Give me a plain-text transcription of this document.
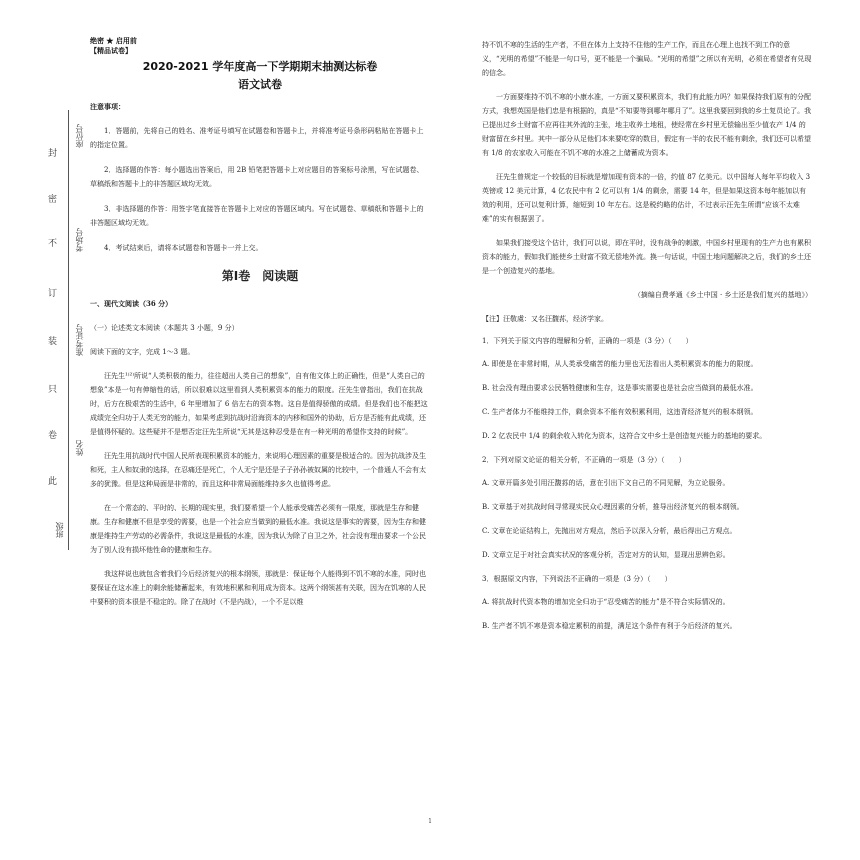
封
座位号
密
不 考场号
订
装 准考证号
只
卷
姓名
此
班级
绝密 ★ 启用前
【精品试卷】
2020-2021 学年度高一下学期期末抽测达标卷
语文试卷
注意事项：

1．答题前，先将自己的姓名、准考证号填写在试题卷和答题卡上，并将准考证号条形码粘贴在答题卡上的指定位置。

2．选择题的作答：每小题选出答案后，用 2B 铅笔把答题卡上对应题目的答案标号涂黑，写在试题卷、草稿纸和答题卡上的非答题区域均无效。

3．非选择题的作答：用签字笔直接答在答题卡上对应的答题区域内。写在试题卷、草稿纸和答题卡上的非答题区域均无效。

4．考试结束后，请将本试题卷和答题卡一并上交。

第Ⅰ卷　阅读题
一、现代文阅读（36 分）
（一）论述类文本阅读（本题共 3 小题，9 分）
阅读下面的文字，完成 1～3 题。

汪先生¹⁾²⁾所说“人类积极的能力，往往超出人类自己的想象”，自有他文体上的正确性，但是“人类自己的想象”本是一句有伸缩性的话，所以很难以这里看到人类积累资本的能力的限度。汪先生曾指出，我们在抗战时，后方在极艰苦的生活中，6 年里增加了 6 倍左右的资本物。这自是值得骄傲的成绩。但是我们也不能把这成绩完全归功于人类无穷的能力，如果考虑到抗战时沿海资本的内移和国外的协助，后方是否能有此成绩，还是值得怀疑的。这些疑并不是想否定汪先生所说“无其是这种忍受是在有一种光明的希望作支持的时候”。

汪先生用抗战时代中国人民所表现积累资本的能力，来说明心理因素的重要是极适合的。因为抗战涉及生和死，主人和奴隶的选择，在忍痛还是死亡，个人无宁是还是子子孙孙被奴属的比较中，一个普通人不会有太多的犹豫。但是这种局面是非常的，而且这种非常局面能维持多久也值得考虑。

在一个常态的、平时的、长期的现实里，我们要希望一个人能承受痛苦必须有一限度，那就是生存和健康。生存和健康不但是享受的需要，也是一个社会应当做到的最低水准。我说这是事实的需要，因为生存和健康是维持生产劳动的必需条件，我说这是最低的水准，因为我认为除了自卫之外，社会没有理由要求一个公民为了别人没有损坏他性命的健康和生存。

我这样说也就包含着我们今后经济复兴的根本纲领，那就是：保证每个人能得到不饥不寒的水准，同时也要保证在这水准上的剩余能储蓄起来，有效地积累和利用成为资本。这两个纲领甚有关联，因为在饥寒的人民中要积的资本很是不稳定的。除了在战时（不是内战），一个不足以维

持不饥不寒的生活的生产者，不但在体力上支持不住他的生产工作，而且在心理上也找不到工作的意义，“光明的希望”不能是一句口号，更不能是一个骗局。“光明的希望”之所以有光明，必须在希望者有兑现的信念。

一方面要维持不饥不寒的小康水准，一方面又要积累资本，我们有此能力吗？如果保持我们原有的分配方式，我想英国是他们忠是有根据的，真是“不知要等到哪年哪月了”。这里我要回到我的乡土复员论了。我已提出过乡土财富不应再往其外流的主张，地主收养土地租，使经常在乡村里无偿输出至少值农产 1/4 的财富留在乡村里。其中一部分从足他们本来要吃穿的数目，假定有一半的农民不能有剩余，我们还可以希望有 1/8 的农家收入可能在不饥不寒的水准之上储蓄成为资本。

汪先生曾规定一个较低的目标就是增加现有资本的一倍，约值 87 亿美元。以中国每人每年平均收入 3 英镑或 12 美元计算，4 亿农民中有 2 亿可以有 1/4 的剩余，需要 14 年，但是如果这资本每年能加以有效的利用，还可以复利计算，缩短到 10 年左右。这是税约略的估计，不过表示汪先生所谓“应该不太难难”的实有根据罢了。

如果我们接受这个估计，我们可以说，即在平时，没有战争的刺激，中国乡村里现有的生产力也有累积资本的能力，假如我们能使乡土财富不致无偿地外流。换一句话说，中国土地问题解决之后，我们的乡土还是一个创造复兴的基地。

（摘编自费孝通《乡土中国 · 乡土还是我们复兴的基地》）
【注】汪敬虞：又名汪馥荪，经济学家。
1．下列关于原文内容的理解和分析，正确的一项是（3 分）（　　）
A. 即使是在非常时期，从人类承受痛苦的能力里也无法看出人类积累资本的能力的限度。
B. 社会没有理由要求公民牺牲健康和生存，这是事实需要也是社会应当做到的最低水准。
C. 生产者体力不能维持工作，剩余资本不能有效积累利用，这违背经济复兴的根本纲领。
D. 2 亿农民中 1/4 的剩余收入转化为资本，这符合文中乡土是创造复兴能力的基地的要求。
2．下列对原文论证的相关分析，不正确的一项是（3 分）（　　）
A. 文章开篇多处引用汪馥荪的话，意在引出下文自己的不同见解，为立论服务。
B. 文章基于对抗战时间寻常现实民众心理因素的分析，推导出经济复兴的根本纲领。
C. 文章在论证结构上，先抛出对方观点，然后予以深入分析，最后得出己方观点。
D. 文章立足于对社会真实状况的客观分析，否定对方的认知，显现出思辨色彩。
3．根据原文内容，下列说法不正确的一项是（3 分）（　　）
A. 将抗战时代资本物的增加完全归功于“忍受痛苦的能力”是不符合实际情况的。
B. 生产者不饥不寒是资本稳定累积的前提，满足这个条件有利于今后经济的复兴。
1
